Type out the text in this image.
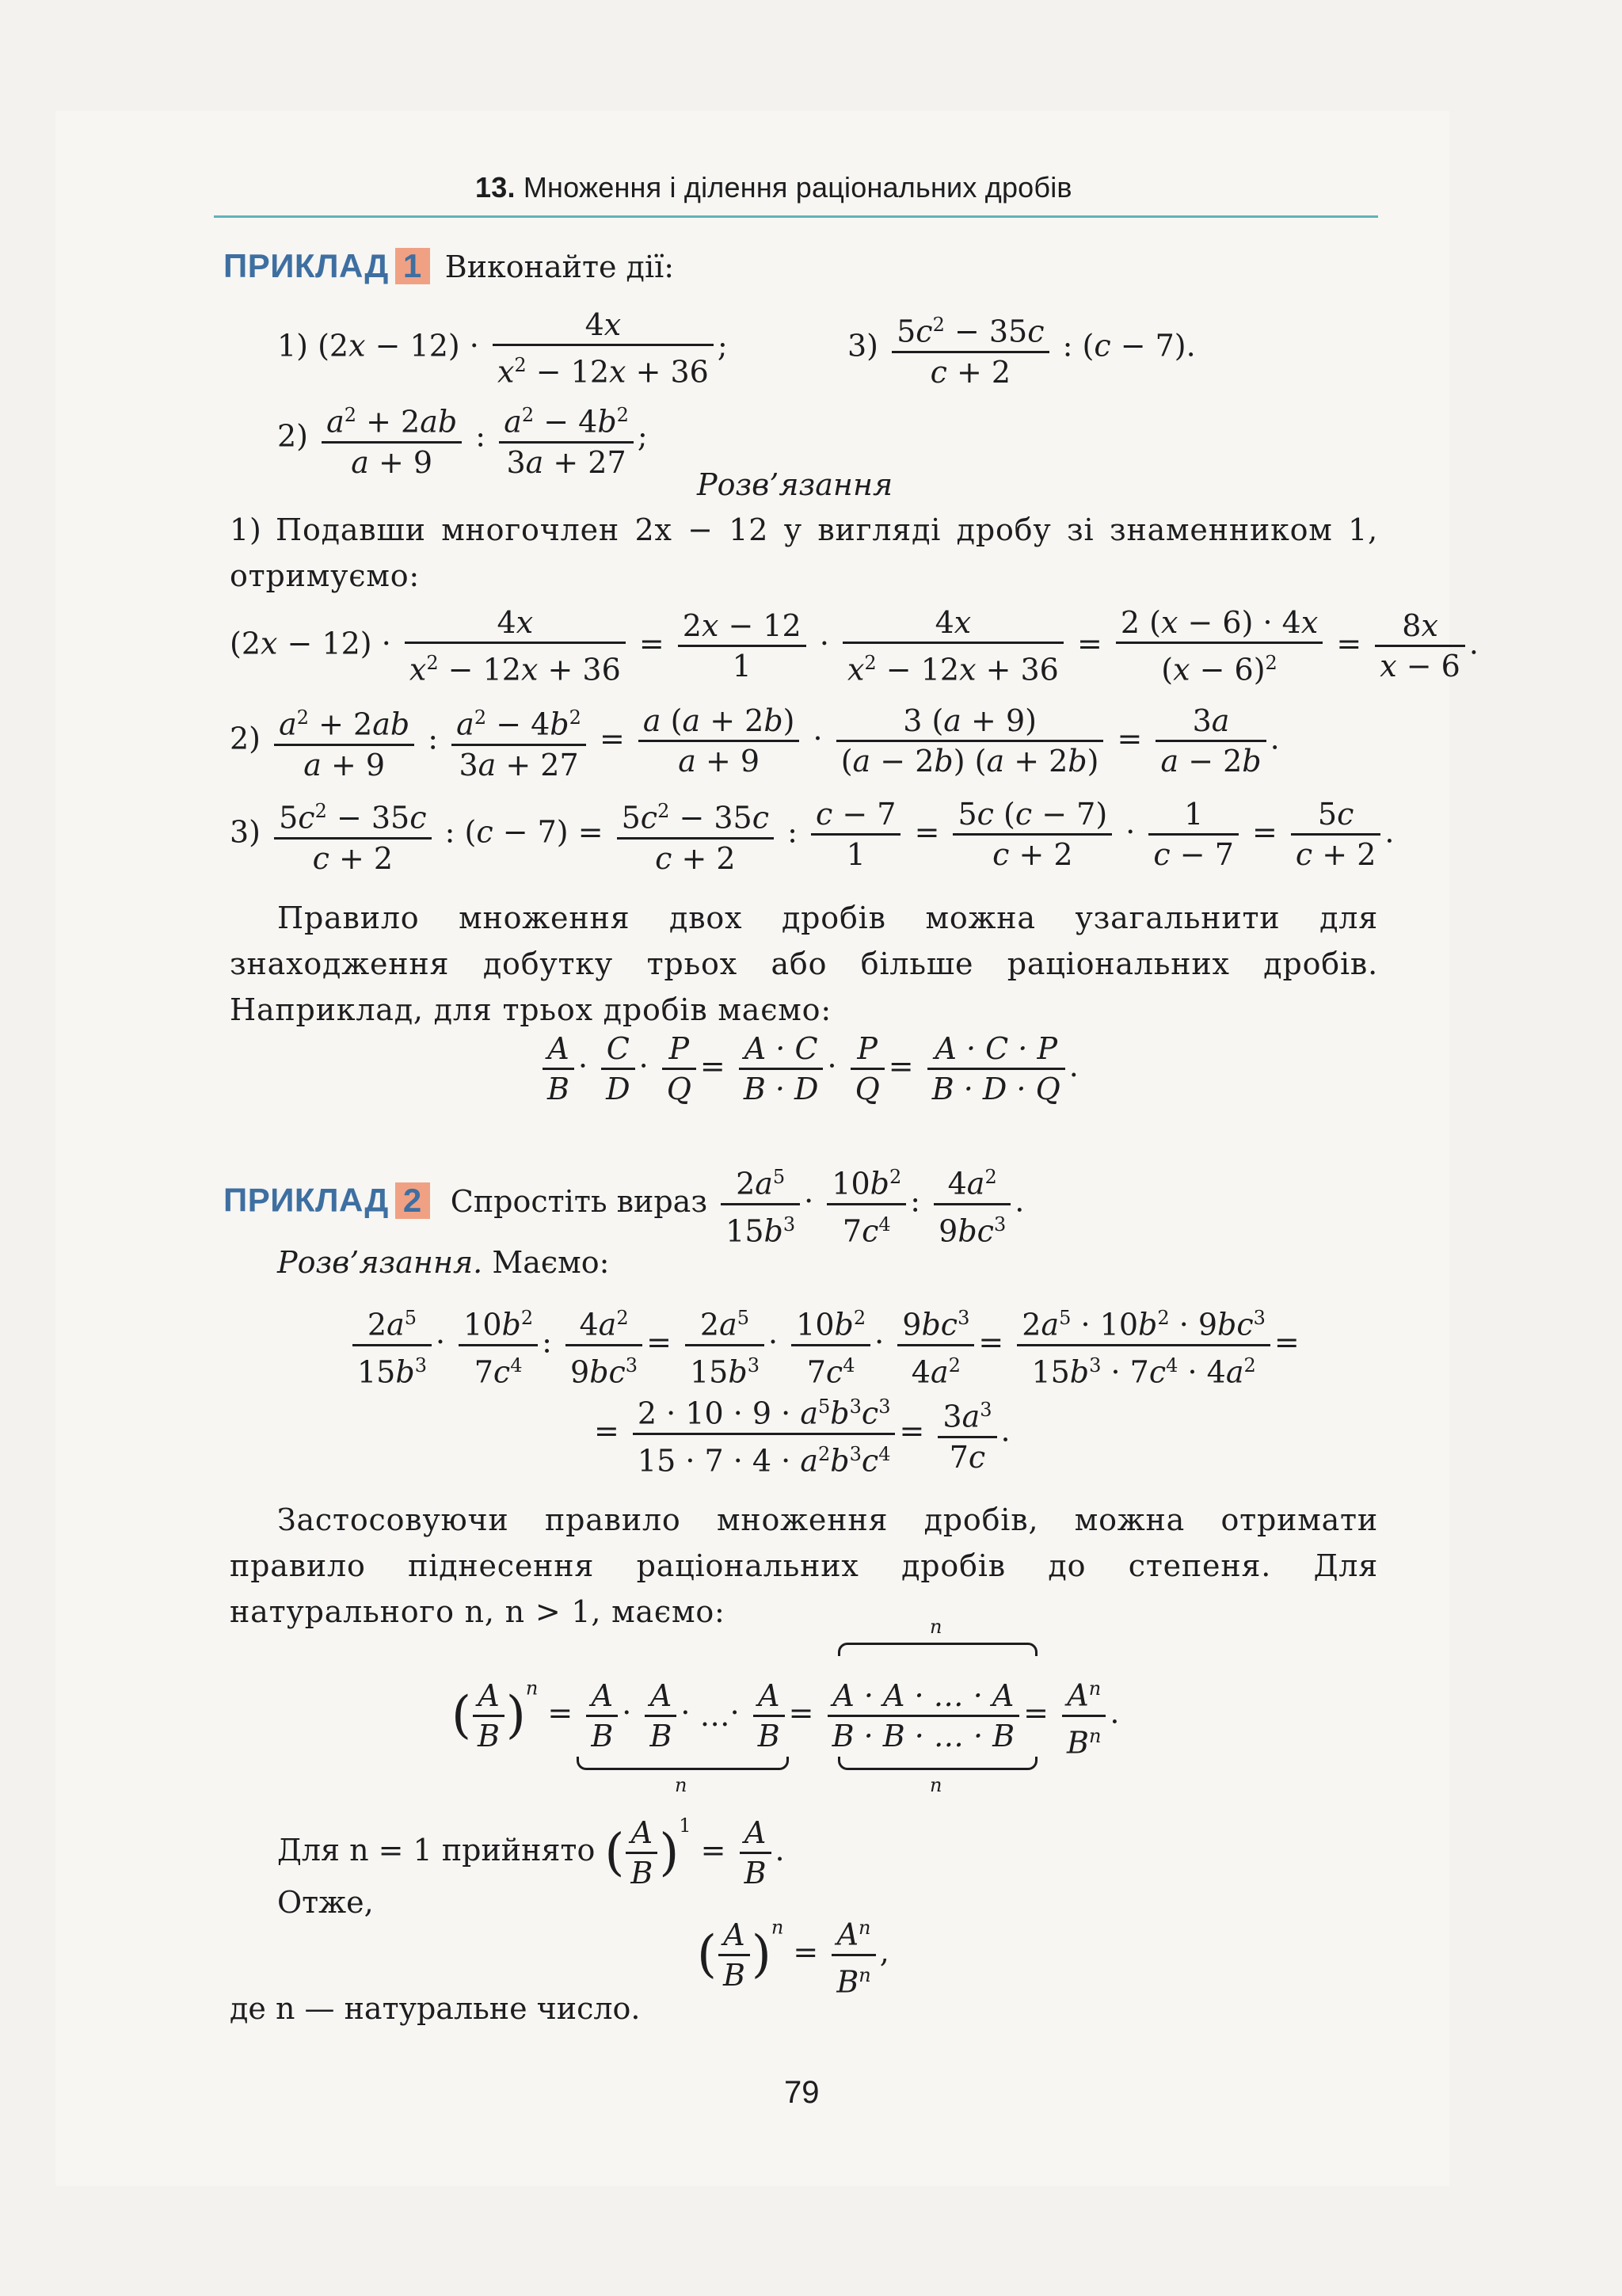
13. Множення і ділення раціональних дробів
ПРИКЛАД 1 Виконайте дії:
1) $(2x - 12) \cdot \frac{4x}{x^2 - 12x + 36}$ ;	$3) \frac{5c^2 - 35c}{c + 2}$ : (c − 7).
$2) \frac{a^2 + 2ab}{a + 9}$ : $\frac{a^2 - 4b^2}{3a + 27}$ ;
Розв’язання
1) Подавши многочлен 2x − 12 у вигляді дробу зі знаменником 1, отримуємо:
$(2x - 12) \cdot \frac{4x}{x^2 - 12x + 36} = \frac{2x - 12}{1} \cdot \frac{4x}{x^2 - 12x + 36} = \frac{2 (x - 6) \cdot 4x}{(x - 6)^2} = \frac{8x}{x - 6}$ .
$2) \frac{a^2 + 2ab}{a + 9}$ : $\frac{a^2 - 4b^2}{3a + 27} = \frac{a (a + 2b)}{a + 9} \cdot \frac{3 (a + 9)}{(a - 2b) (a + 2b)} = \frac{3a}{a - 2b}$ .
$3) \frac{5c^2 - 35c}{c + 2}$ : $(c - 7) = \frac{5c^2 - 35c}{c + 2}$ : $\frac{c - 7}{1} = \frac{5c (c - 7)}{c + 2} \cdot \frac{1}{c - 7} = \frac{5c}{c + 2}$ .
Правило множення двох дробів можна узагальнити для знаходження добутку трьох або більше раціональних дробів. Наприклад, для трьох дробів маємо:
$\frac{A}{B} \cdot \frac{C}{D} \cdot \frac{P}{Q} = \frac{A \cdot C}{B \cdot D} \cdot \frac{P}{Q} = \frac{A \cdot C \cdot P}{B \cdot D \cdot Q}$ .
ПРИКЛАД 2 Спростіть вираз $\frac{2a^5}{15b^3} \cdot \frac{10b^2}{7c^4}$ : $\frac{4a^2}{9bc^3}$ .
Розв’язання. Маємо:
$\frac{2a^5}{15b^3} \cdot \frac{10b^2}{7c^4}$ : $\frac{4a^2}{9bc^3} = \frac{2a^5}{15b^3} \cdot \frac{10b^2}{7c^4} \cdot \frac{9bc^3}{4a^2} = \frac{2a^5 \cdot 10b^2 \cdot 9bc^3}{15b^3 \cdot 7c^4 \cdot 4a^2}$ =
= $\frac{2 \cdot 10 \cdot 9 \cdot a^5b^3c^3}{15 \cdot 7 \cdot 4 \cdot a^2b^3c^4} = \frac{3a^3}{7c}$ .
Застосовуючи правило множення дробів, можна отримати правило піднесення раціональних дробів до степеня. Для натурального n, n > 1, маємо:
( $\frac{A}{B} )^n = \frac{A}{B} \cdot \frac{A}{B}$ · …· $\frac{A}{B} = \frac{A \cdot A \cdot \dots \cdot A}{B \cdot B \cdot \dots \cdot B} = \frac{A^n}{B^n}$ .
n
n
n
Для n = 1 прийнято ( $\frac{A}{B} )^1 = \frac{A}{B}$ .
Отже,
( $\frac{A}{B} )^n = \frac{A^n}{B^n}$ ,
де n — натуральне число.
79
